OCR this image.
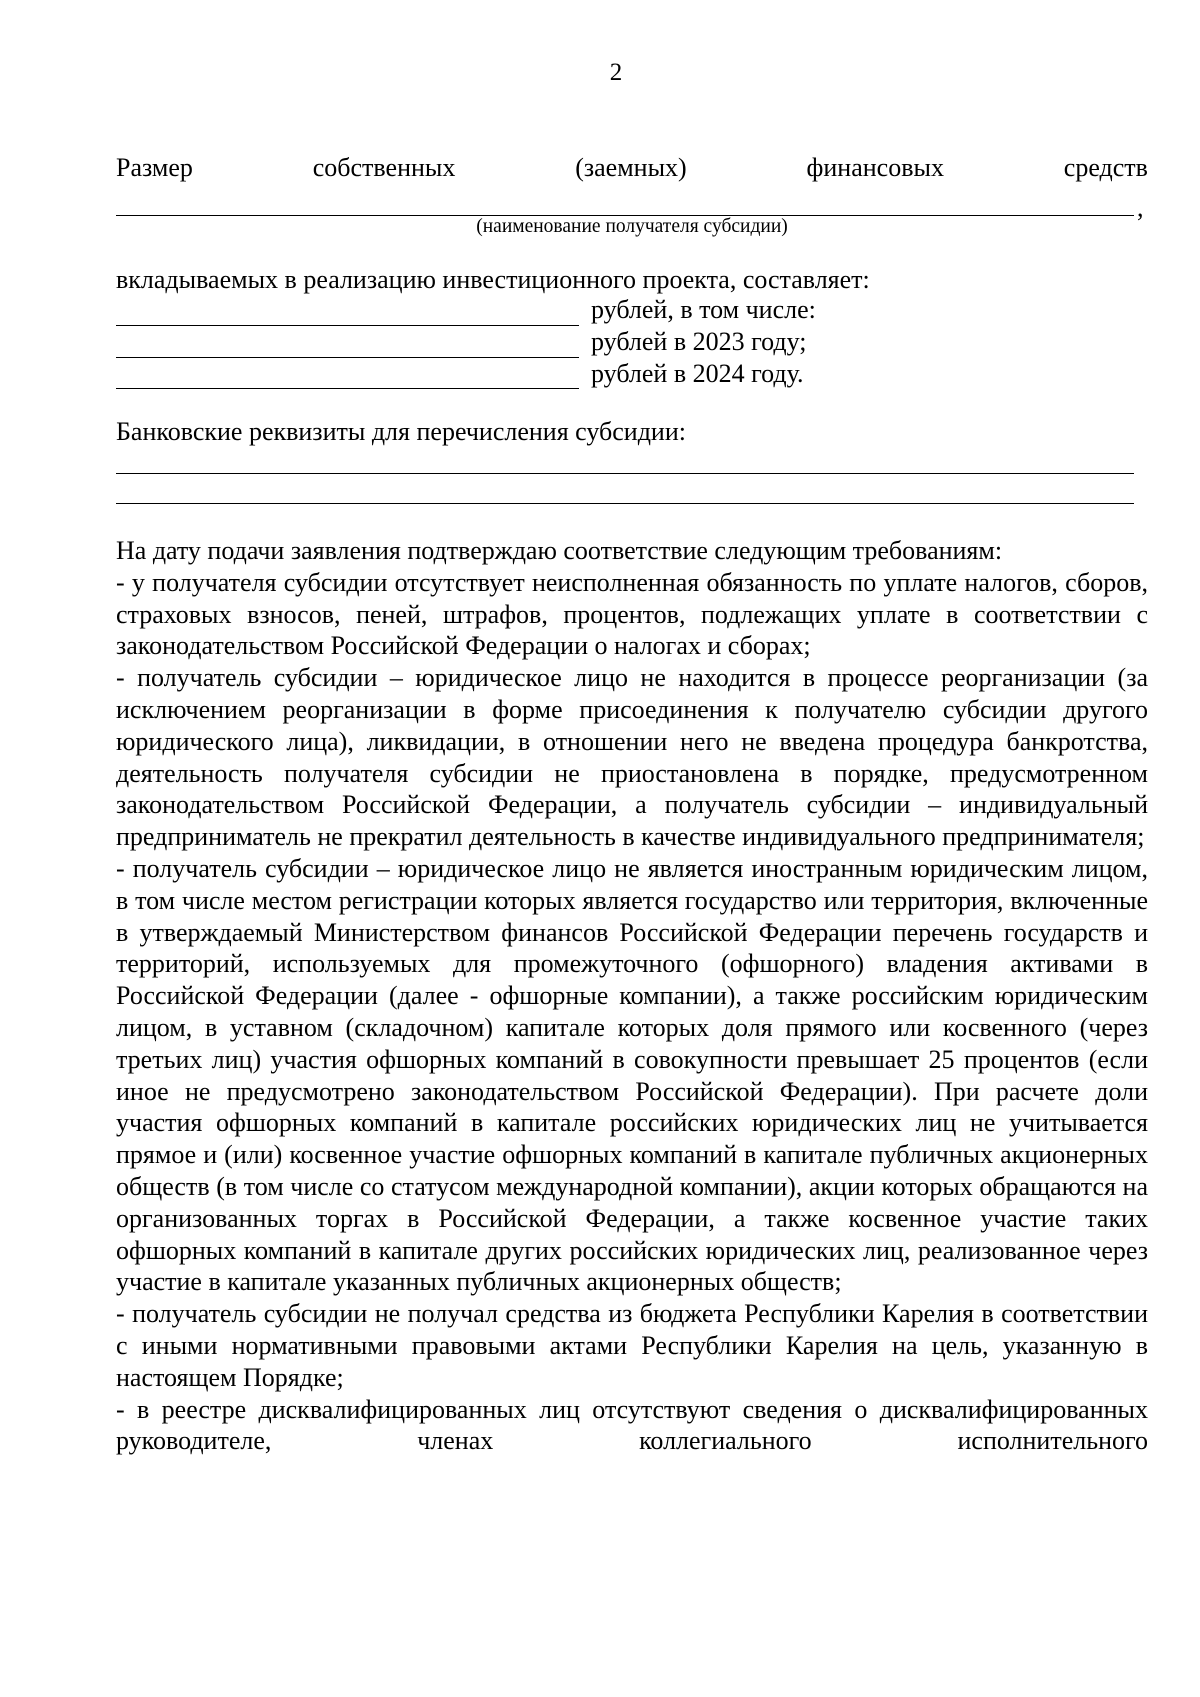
2
Размер	собственных	(заемных)	финансовых	средств
,
(наименование получателя субсидии)
вкладываемых в реализацию инвестиционного проекта, составляет:
рублей, в том числе:
рублей в 2023 году;
рублей в 2024 году.
Банковские реквизиты для перечисления субсидии:
На дату подачи заявления подтверждаю соответствие следующим требованиям:
- у получателя субсидии отсутствует неисполненная обязанность по уплате налогов, сборов, страховых взносов, пеней, штрафов, процентов, подлежащих уплате в соответствии с законодательством Российской Федерации о налогах и сборах;
- получатель субсидии – юридическое лицо не находится в процессе реорганизации (за исключением реорганизации в форме присоединения к получателю субсидии другого юридического лица), ликвидации, в отношении него не введена процедура банкротства, деятельность получателя субсидии не приостановлена в порядке, предусмотренном законодательством Российской Федерации, а получатель субсидии – индивидуальный предприниматель не прекратил деятельность в качестве индивидуального предпринимателя;
- получатель субсидии – юридическое лицо не является иностранным юридическим лицом, в том числе местом регистрации которых является государство или территория, включенные в утверждаемый Министерством финансов Российской Федерации перечень государств и территорий, используемых для промежуточного (офшорного) владения активами в Российской Федерации (далее - офшорные компании), а также российским юридическим лицом, в уставном (складочном) капитале которых доля прямого или косвенного (через третьих лиц) участия офшорных компаний в совокупности превышает 25 процентов (если иное не предусмотрено законодательством Российской Федерации). При расчете доли участия офшорных компаний в капитале российских юридических лиц не учитывается прямое и (или) косвенное участие офшорных компаний в капитале публичных акционерных обществ (в том числе со статусом международной компании), акции которых обращаются на организованных торгах в Российской Федерации, а также косвенное участие таких офшорных компаний в капитале других российских юридических лиц, реализованное через участие в капитале указанных публичных акционерных обществ;
- получатель субсидии не получал средства из бюджета Республики Карелия в соответствии с иными нормативными правовыми актами Республики Карелия на цель, указанную в настоящем Порядке;
- в реестре дисквалифицированных лиц отсутствуют сведения о дисквалифицированных руководителе, членах коллегиального исполнительного
